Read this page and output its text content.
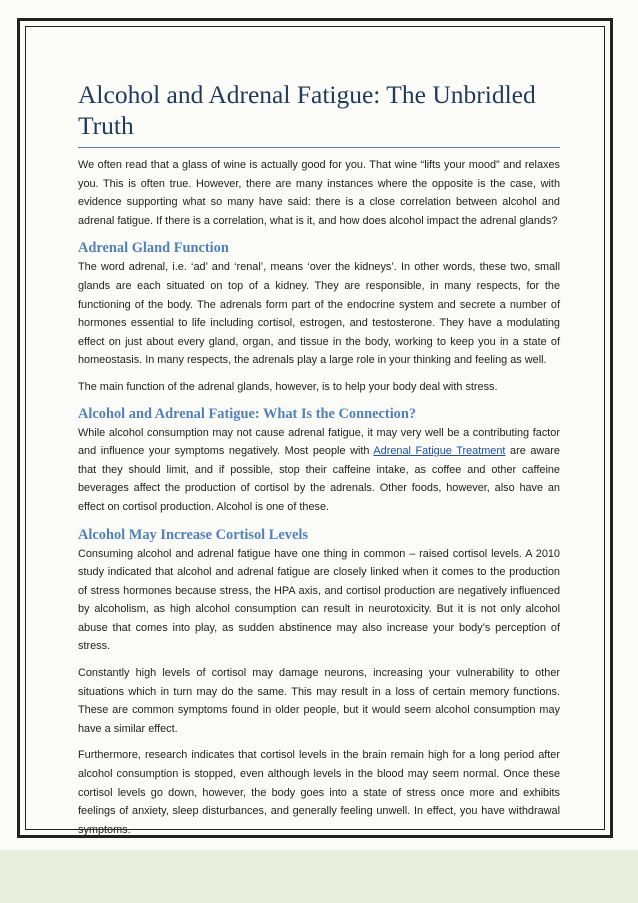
Alcohol and Adrenal Fatigue: The Unbridled Truth

We often read that a glass of wine is actually good for you. That wine “lifts your mood” and relaxes you. This is often true. However, there are many instances where the opposite is the case, with evidence supporting what so many have said: there is a close correlation between alcohol and adrenal fatigue. If there is a correlation, what is it, and how does alcohol impact the adrenal glands?

Adrenal Gland Function

The word adrenal, i.e. ‘ad’ and ‘renal’, means ‘over the kidneys’. In other words, these two, small glands are each situated on top of a kidney. They are responsible, in many respects, for the functioning of the body. The adrenals form part of the endocrine system and secrete a number of hormones essential to life including cortisol, estrogen, and testosterone. They have a modulating effect on just about every gland, organ, and tissue in the body, working to keep you in a state of homeostasis. In many respects, the adrenals play a large role in your thinking and feeling as well.

The main function of the adrenal glands, however, is to help your body deal with stress.

Alcohol and Adrenal Fatigue: What Is the Connection?

While alcohol consumption may not cause adrenal fatigue, it may very well be a contributing factor and influence your symptoms negatively. Most people with Adrenal Fatigue Treatment are aware that they should limit, and if possible, stop their caffeine intake, as coffee and other caffeine beverages affect the production of cortisol by the adrenals. Other foods, however, also have an effect on cortisol production. Alcohol is one of these.

Alcohol May Increase Cortisol Levels

Consuming alcohol and adrenal fatigue have one thing in common – raised cortisol levels. A 2010 study indicated that alcohol and adrenal fatigue are closely linked when it comes to the production of stress hormones because stress, the HPA axis, and cortisol production are negatively influenced by alcoholism, as high alcohol consumption can result in neurotoxicity. But it is not only alcohol abuse that comes into play, as sudden abstinence may also increase your body’s perception of stress.

Constantly high levels of cortisol may damage neurons, increasing your vulnerability to other situations which in turn may do the same. This may result in a loss of certain memory functions. These are common symptoms found in older people, but it would seem alcohol consumption may have a similar effect.

Furthermore, research indicates that cortisol levels in the brain remain high for a long period after alcohol consumption is stopped, even although levels in the blood may seem normal. Once these cortisol levels go down, however, the body goes into a state of stress once more and exhibits feelings of anxiety, sleep disturbances, and generally feeling unwell. In effect, you have withdrawal symptoms.
